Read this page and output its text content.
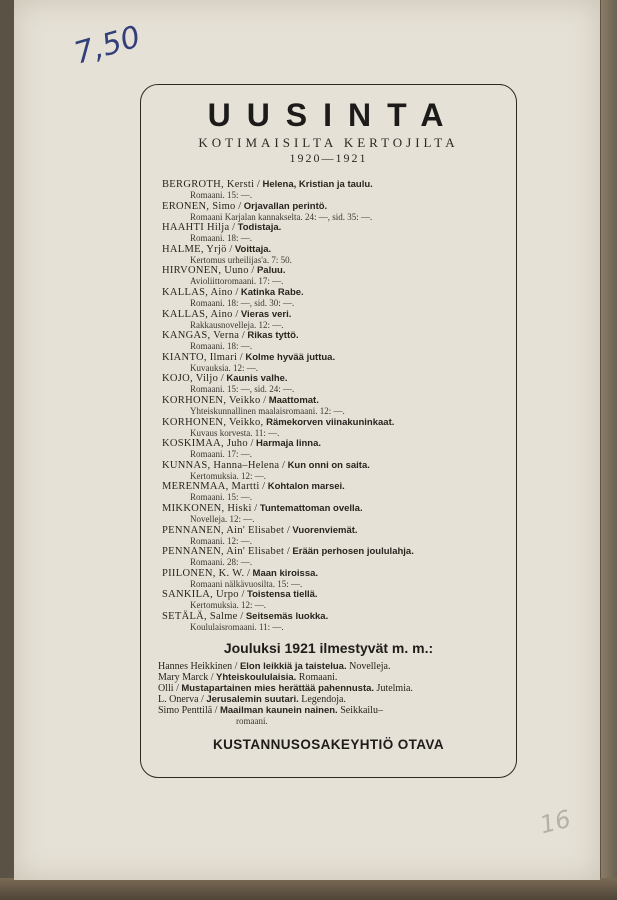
7,50
16
UUSINTA
KOTIMAISILTA KERTOJILTA
1920—1921
BERGROTH, Kersti / Helena, Kristian ja taulu.
Romaani. 15: —.
ERONEN, Simo / Orjavallan perintö.
Romaani Karjalan kannakselta. 24: —, sid. 35: —.
HAAHTI Hilja / Todistaja.
Romaani. 18: —.
HALME, Yrjö / Voittaja.
Kertomus urheilijas'a. 7: 50.
HIRVONEN, Uuno / Paluu.
Avioliittoromaani. 17: —.
KALLAS, Aino / Katinka Rabe.
Romaani. 18: —, sid. 30: —.
KALLAS, Aino / Vieras veri.
Rakkausnovelleja. 12: —.
KANGAS, Verna / Rikas tyttö.
Romaani. 18: —.
KIANTO, Ilmari / Kolme hyvää juttua.
Kuvauksia. 12: —.
KOJO, Viljo / Kaunis valhe.
Romaani. 15: —, sid. 24: —.
KORHONEN, Veikko / Maattomat.
Yhteiskunnallinen maalaisromaani. 12: —.
KORHONEN, Veikko, Rämekorven viinakuninkaat.
Kuvaus korvesta. 11: —.
KOSKIMAA, Juho / Harmaja linna.
Romaani. 17: —.
KUNNAS, Hanna–Helena / Kun onni on saita.
Kertomuksia. 12: —.
MERENMAA, Martti / Kohtalon marsei.
Romaani. 15: —.
MIKKONEN, Hiski / Tuntemattoman ovella.
Novelleja. 12: —.
PENNANEN, Ain' Elisabet / Vuorenviemät.
Romaani. 12: —.
PENNANEN, Ain' Elisabet / Erään perhosen joululahja.
Romaani. 28: —.
PIILONEN, K. W. / Maan kiroissa.
Romaani nälkävuosilta. 15: —.
SANKILA, Urpo / Toistensa tiellä.
Kertomuksia. 12: —.
SETÄLÄ, Salme / Seitsemäs luokka.
Koululaisromaani. 11: —.
Jouluksi 1921 ilmestyvät m. m.:
Hannes Heikkinen / Elon leikkiä ja taistelua. Novelleja.
Mary Marck / Yhteiskoululaisia. Romaani.
Olli / Mustapartainen mies herättää pahennusta. Jutelmia.
L. Onerva / Jerusalemin suutari. Legendoja.
Simo Penttilä / Maailman kaunein nainen. Seikkailu–
romaani.
KUSTANNUSOSAKEYHTIÖ OTAVA
